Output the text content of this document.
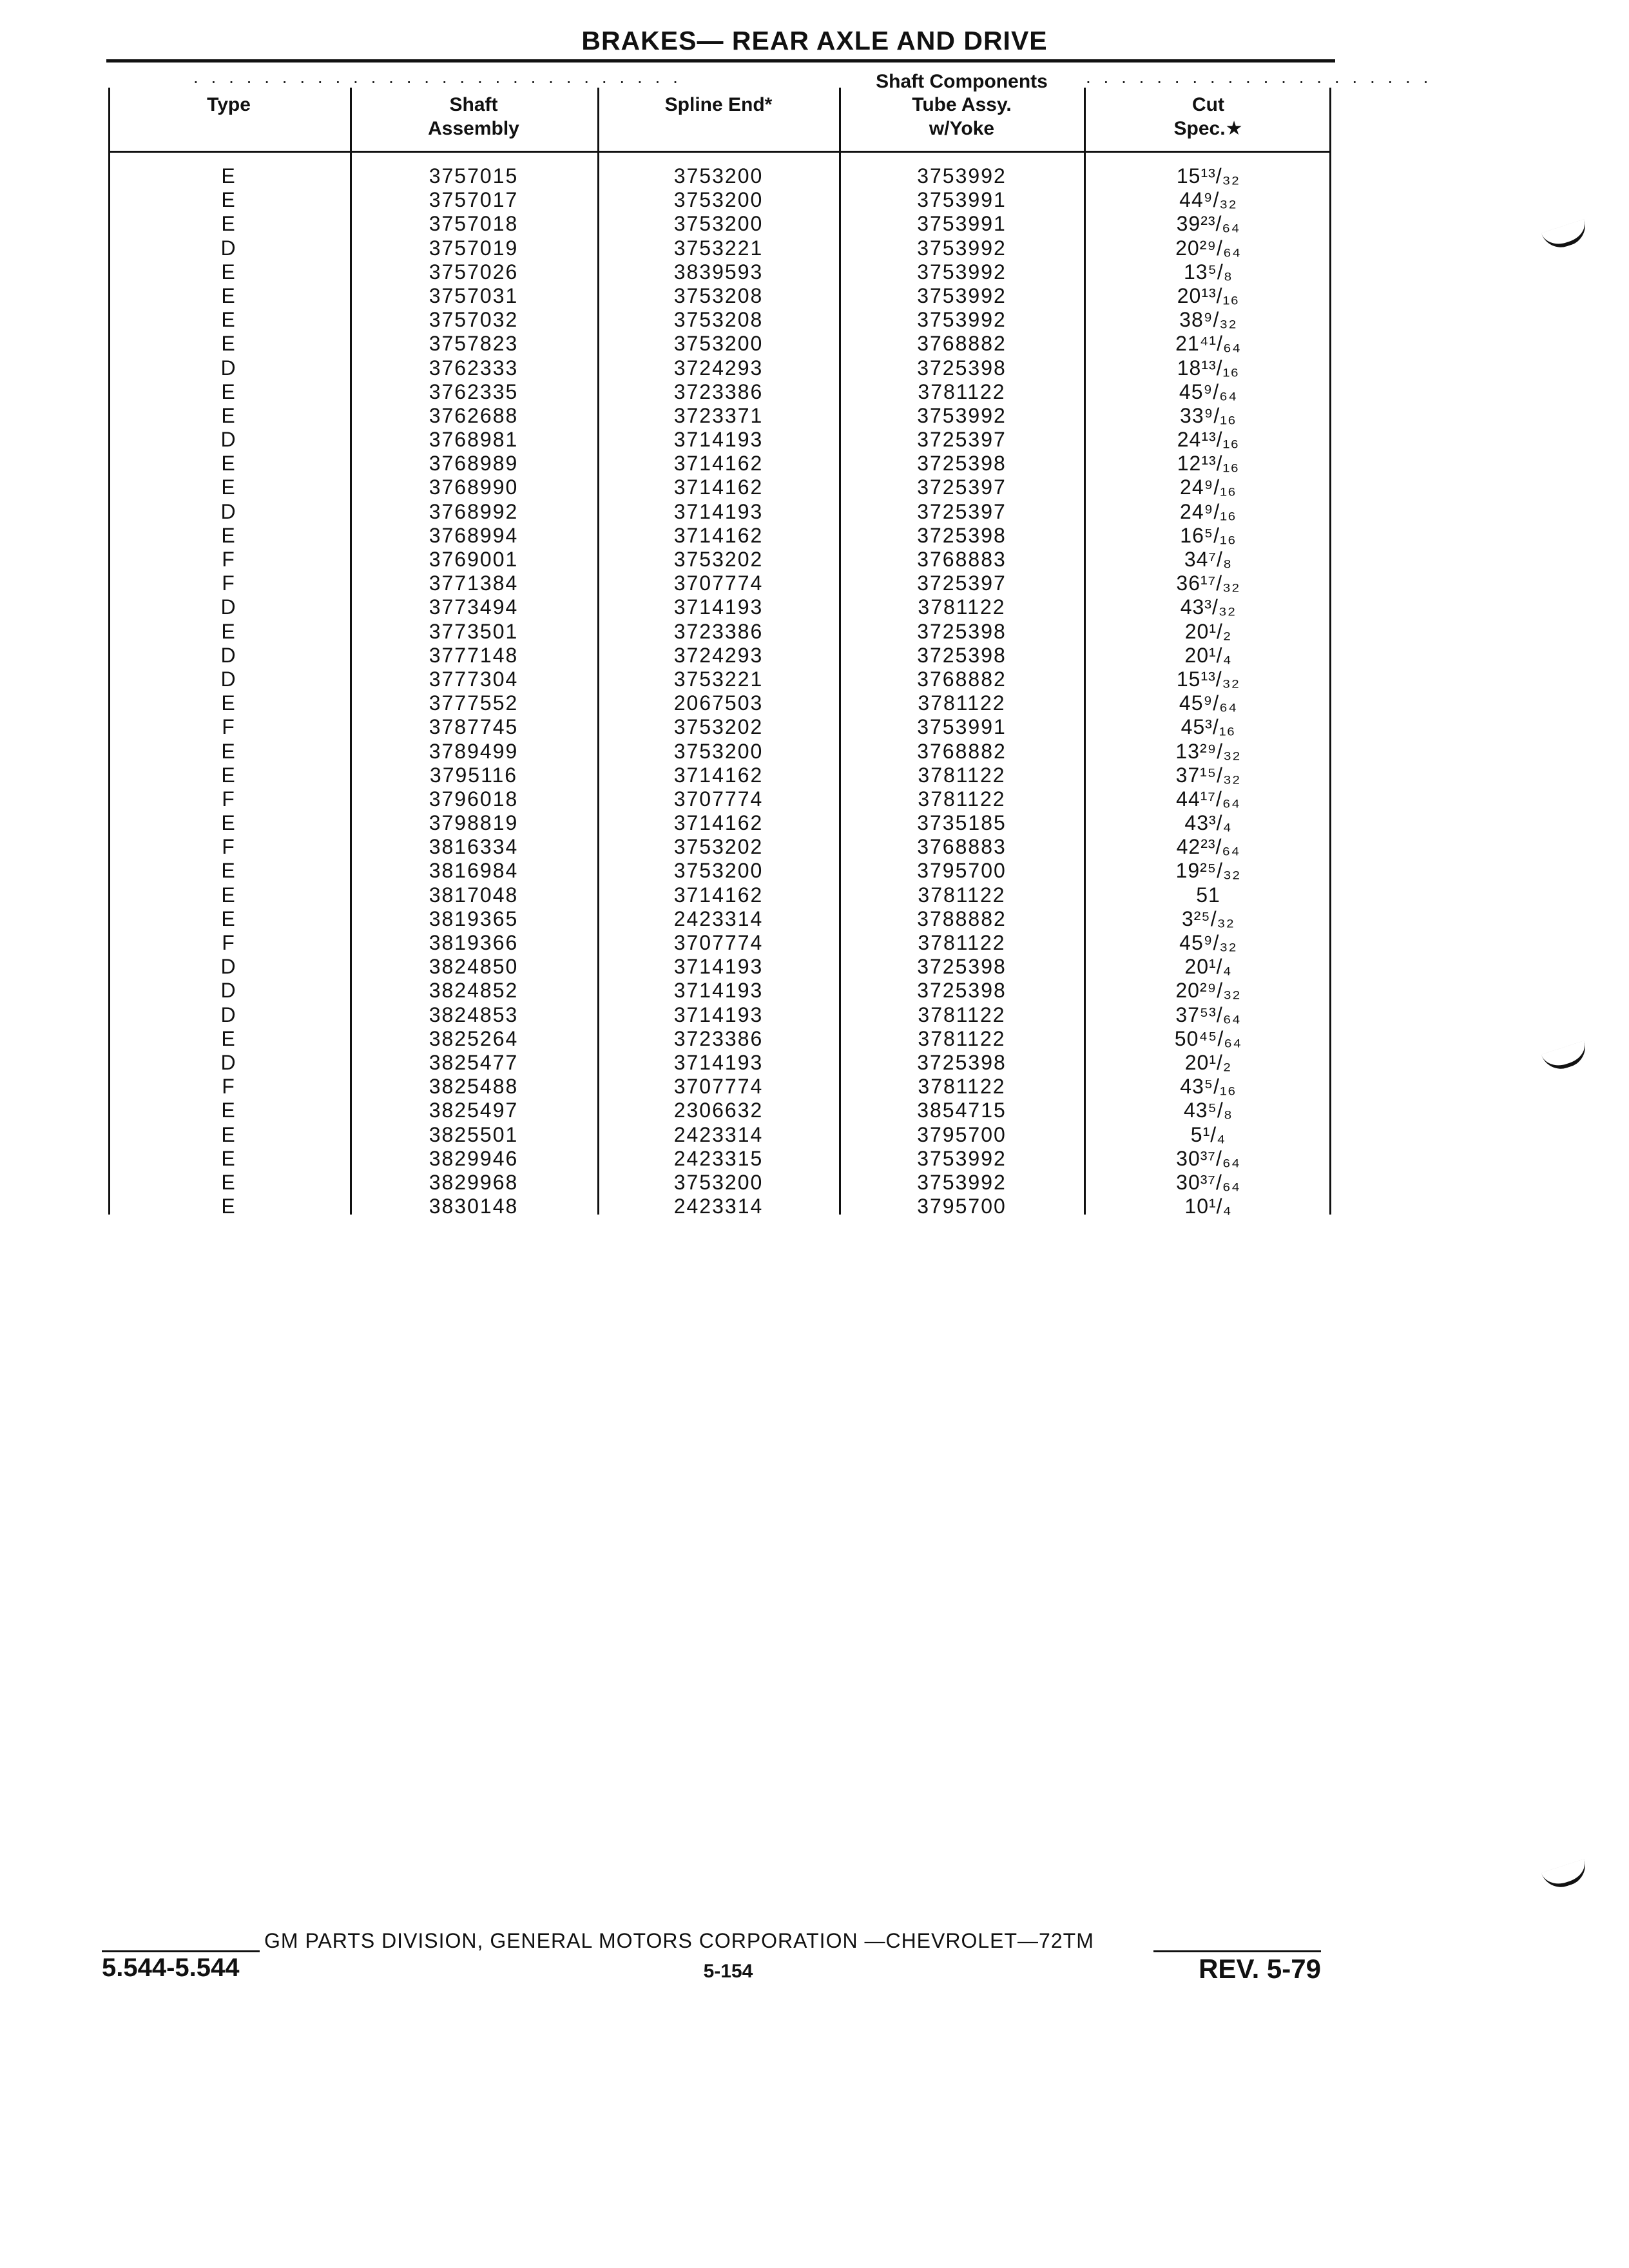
BRAKES— REAR AXLE AND DRIVE
. . . . . . . . . . . . . . . . . . . . . . . . . . . .	. . . . . . . . . . . . . . . . . . . .
Shaft Components
Type	Shaft
Assembly
Spline End*	Tube Assy.
w/Yoke
Cut
Spec.★
E	3757015	3753200	3753992	15¹³/₃₂
E	3757017	3753200	3753991	44⁹/₃₂
E	3757018	3753200	3753991	39²³/₆₄
D	3757019	3753221	3753992	20²⁹/₆₄
E	3757026	3839593	3753992	13⁵/₈
E	3757031	3753208	3753992	20¹³/₁₆
E	3757032	3753208	3753992	38⁹/₃₂
E	3757823	3753200	3768882	21⁴¹/₆₄
D	3762333	3724293	3725398	18¹³/₁₆
E	3762335	3723386	3781122	45⁹/₆₄
E	3762688	3723371	3753992	33⁹/₁₆
D	3768981	3714193	3725397	24¹³/₁₆
E	3768989	3714162	3725398	12¹³/₁₆
E	3768990	3714162	3725397	24⁹/₁₆
D	3768992	3714193	3725397	24⁹/₁₆
E	3768994	3714162	3725398	16⁵/₁₆
F	3769001	3753202	3768883	34⁷/₈
F	3771384	3707774	3725397	36¹⁷/₃₂
D	3773494	3714193	3781122	43³/₃₂
E	3773501	3723386	3725398	20¹/₂
D	3777148	3724293	3725398	20¹/₄
D	3777304	3753221	3768882	15¹³/₃₂
E	3777552	2067503	3781122	45⁹/₆₄
F	3787745	3753202	3753991	45³/₁₆
E	3789499	3753200	3768882	13²⁹/₃₂
E	3795116	3714162	3781122	37¹⁵/₃₂
F	3796018	3707774	3781122	44¹⁷/₆₄
E	3798819	3714162	3735185	43³/₄
F	3816334	3753202	3768883	42²³/₆₄
E	3816984	3753200	3795700	19²⁵/₃₂
E	3817048	3714162	3781122	51
E	3819365	2423314	3788882	3²⁵/₃₂
F	3819366	3707774	3781122	45⁹/₃₂
D	3824850	3714193	3725398	20¹/₄
D	3824852	3714193	3725398	20²⁹/₃₂
D	3824853	3714193	3781122	37⁵³/₆₄
E	3825264	3723386	3781122	50⁴⁵/₆₄
D	3825477	3714193	3725398	20¹/₂
F	3825488	3707774	3781122	43⁵/₁₆
E	3825497	2306632	3854715	43⁵/₈
E	3825501	2423314	3795700	5¹/₄
E	3829946	2423315	3753992	30³⁷/₆₄
E	3829968	3753200	3753992	30³⁷/₆₄
E	3830148	2423314	3795700	10¹/₄
GM PARTS DIVISION, GENERAL MOTORS CORPORATION —CHEVROLET—72TM
5.544-5.544	5-154	REV. 5-79
